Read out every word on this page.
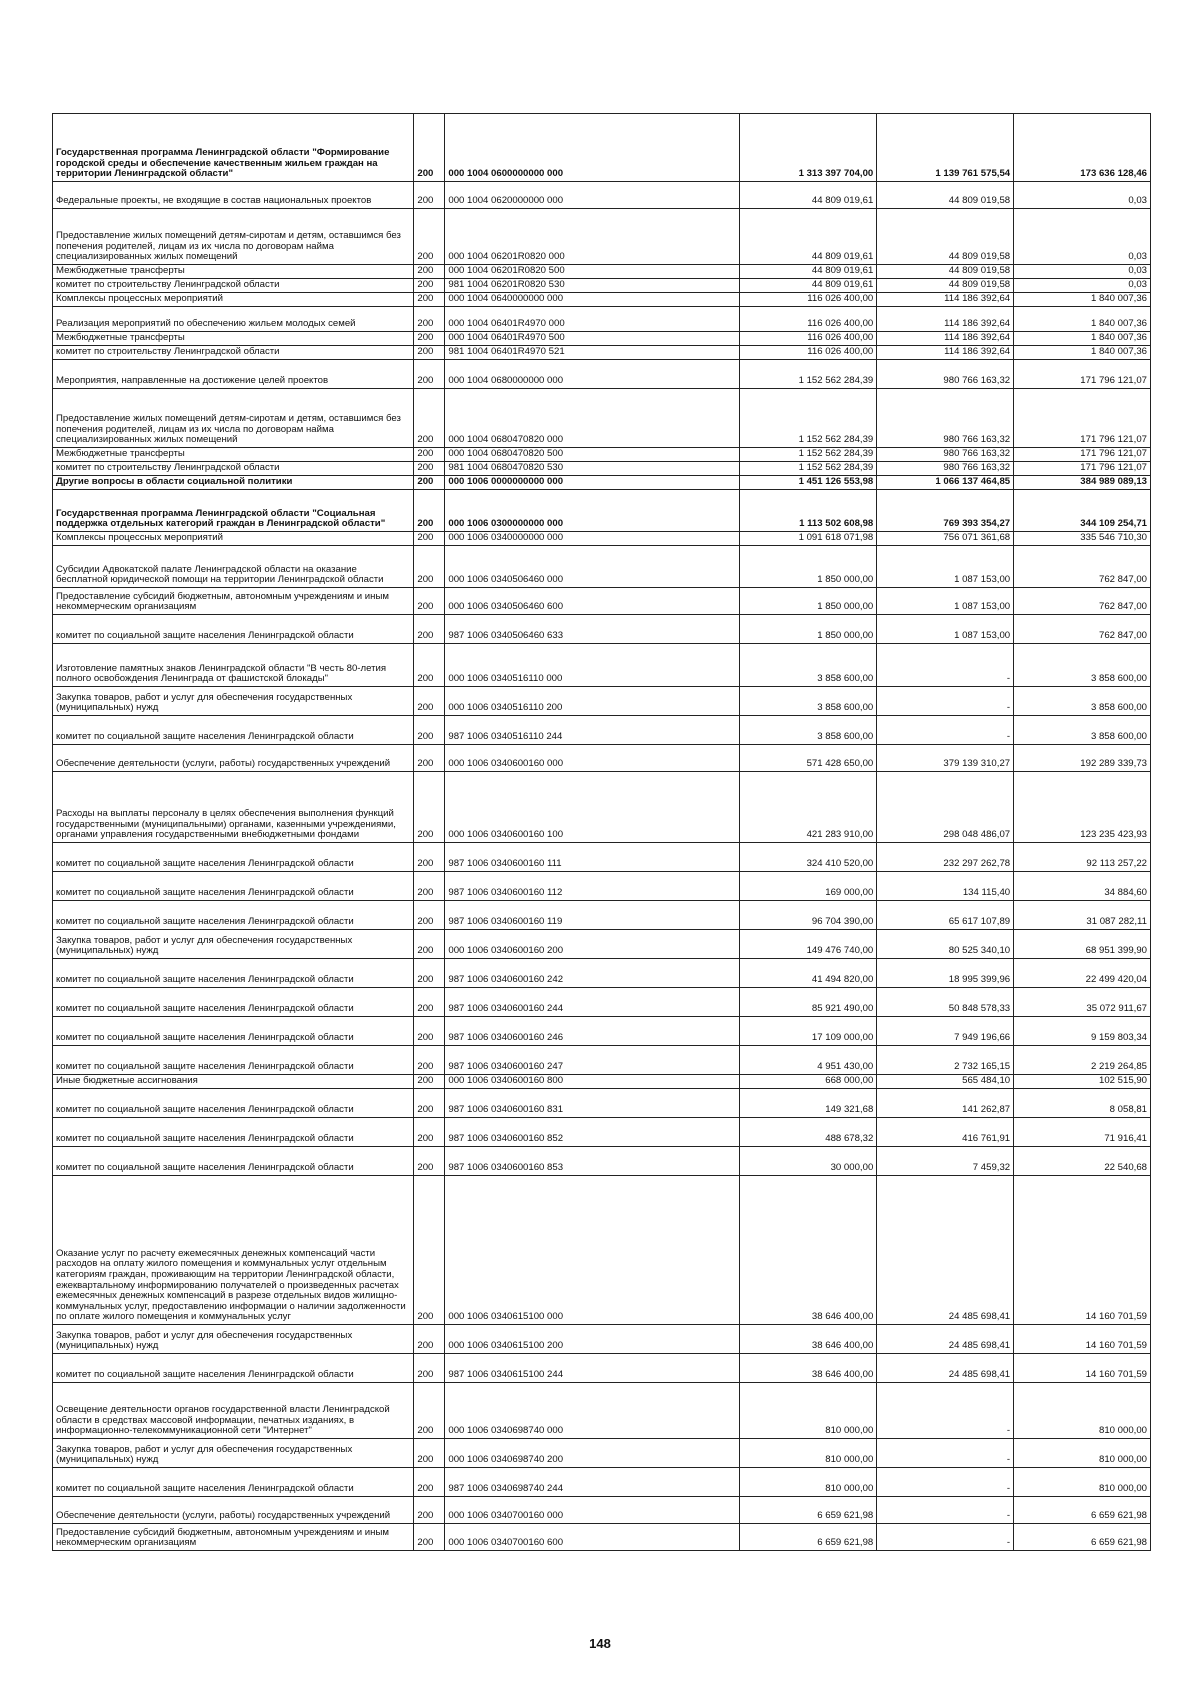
Государственная программа Ленинградской области "Формирование городской среды и обеспечение качественным жильем граждан на территории Ленинградской области"	200	000 1004 0600000000 000	1 313 397 704,00	1 139 761 575,54	173 636 128,46
Федеральные проекты, не входящие в состав национальных проектов	200	000 1004 0620000000 000	44 809 019,61	44 809 019,58	0,03
Предоставление жилых помещений детям-сиротам и детям, оставшимся без попечения родителей, лицам из их числа по договорам найма специализированных жилых помещений	200	000 1004 06201R0820 000	44 809 019,61	44 809 019,58	0,03
Межбюджетные трансферты	200	000 1004 06201R0820 500	44 809 019,61	44 809 019,58	0,03
комитет по строительству Ленинградской области	200	981 1004 06201R0820 530	44 809 019,61	44 809 019,58	0,03
Комплексы процессных мероприятий	200	000 1004 0640000000 000	116 026 400,00	114 186 392,64	1 840 007,36
Реализация мероприятий по обеспечению жильем молодых семей	200	000 1004 06401R4970 000	116 026 400,00	114 186 392,64	1 840 007,36
Межбюджетные трансферты	200	000 1004 06401R4970 500	116 026 400,00	114 186 392,64	1 840 007,36
комитет по строительству Ленинградской области	200	981 1004 06401R4970 521	116 026 400,00	114 186 392,64	1 840 007,36
Мероприятия, направленные на достижение целей проектов	200	000 1004 0680000000 000	1 152 562 284,39	980 766 163,32	171 796 121,07
Предоставление жилых помещений детям-сиротам и детям, оставшимся без попечения родителей, лицам из их числа по договорам найма специализированных жилых помещений	200	000 1004 0680470820 000	1 152 562 284,39	980 766 163,32	171 796 121,07
Межбюджетные трансферты	200	000 1004 0680470820 500	1 152 562 284,39	980 766 163,32	171 796 121,07
комитет по строительству Ленинградской области	200	981 1004 0680470820 530	1 152 562 284,39	980 766 163,32	171 796 121,07
Другие вопросы в области социальной политики	200	000 1006 0000000000 000	1 451 126 553,98	1 066 137 464,85	384 989 089,13
Государственная программа Ленинградской области "Социальная поддержка отдельных категорий граждан в Ленинградской области"	200	000 1006 0300000000 000	1 113 502 608,98	769 393 354,27	344 109 254,71
Комплексы процессных мероприятий	200	000 1006 0340000000 000	1 091 618 071,98	756 071 361,68	335 546 710,30
Субсидии Адвокатской палате Ленинградской области на оказание бесплатной юридической помощи на территории Ленинградской области	200	000 1006 0340506460 000	1 850 000,00	1 087 153,00	762 847,00
Предоставление субсидий бюджетным, автономным учреждениям и иным некоммерческим организациям	200	000 1006 0340506460 600	1 850 000,00	1 087 153,00	762 847,00
комитет по социальной защите населения Ленинградской области	200	987 1006 0340506460 633	1 850 000,00	1 087 153,00	762 847,00
Изготовление памятных знаков Ленинградской области "В честь 80-летия полного освобождения Ленинграда от фашистской блокады"	200	000 1006 0340516110 000	3 858 600,00	-	3 858 600,00
Закупка товаров, работ и услуг для обеспечения государственных (муниципальных) нужд	200	000 1006 0340516110 200	3 858 600,00	-	3 858 600,00
комитет по социальной защите населения Ленинградской области	200	987 1006 0340516110 244	3 858 600,00	-	3 858 600,00
Обеспечение деятельности (услуги, работы) государственных учреждений	200	000 1006 0340600160 000	571 428 650,00	379 139 310,27	192 289 339,73
Расходы на выплаты персоналу в целях обеспечения выполнения функций государственными (муниципальными) органами, казенными учреждениями, органами управления государственными внебюджетными фондами	200	000 1006 0340600160 100	421 283 910,00	298 048 486,07	123 235 423,93
комитет по социальной защите населения Ленинградской области	200	987 1006 0340600160 111	324 410 520,00	232 297 262,78	92 113 257,22
комитет по социальной защите населения Ленинградской области	200	987 1006 0340600160 112	169 000,00	134 115,40	34 884,60
комитет по социальной защите населения Ленинградской области	200	987 1006 0340600160 119	96 704 390,00	65 617 107,89	31 087 282,11
Закупка товаров, работ и услуг для обеспечения государственных (муниципальных) нужд	200	000 1006 0340600160 200	149 476 740,00	80 525 340,10	68 951 399,90
комитет по социальной защите населения Ленинградской области	200	987 1006 0340600160 242	41 494 820,00	18 995 399,96	22 499 420,04
комитет по социальной защите населения Ленинградской области	200	987 1006 0340600160 244	85 921 490,00	50 848 578,33	35 072 911,67
комитет по социальной защите населения Ленинградской области	200	987 1006 0340600160 246	17 109 000,00	7 949 196,66	9 159 803,34
комитет по социальной защите населения Ленинградской области	200	987 1006 0340600160 247	4 951 430,00	2 732 165,15	2 219 264,85
Иные бюджетные ассигнования	200	000 1006 0340600160 800	668 000,00	565 484,10	102 515,90
комитет по социальной защите населения Ленинградской области	200	987 1006 0340600160 831	149 321,68	141 262,87	8 058,81
комитет по социальной защите населения Ленинградской области	200	987 1006 0340600160 852	488 678,32	416 761,91	71 916,41
комитет по социальной защите населения Ленинградской области	200	987 1006 0340600160 853	30 000,00	7 459,32	22 540,68
Оказание услуг по расчету ежемесячных денежных компенсаций части расходов на оплату жилого помещения и коммунальных услуг отдельным категориям граждан, проживающим на территории Ленинградской области, ежеквартальному информированию получателей о произведенных расчетах ежемесячных денежных компенсаций в разрезе отдельных видов жилищно-коммунальных услуг, предоставлению информации о наличии задолженности по оплате жилого помещения и коммунальных услуг	200	000 1006 0340615100 000	38 646 400,00	24 485 698,41	14 160 701,59
Закупка товаров, работ и услуг для обеспечения государственных (муниципальных) нужд	200	000 1006 0340615100 200	38 646 400,00	24 485 698,41	14 160 701,59
комитет по социальной защите населения Ленинградской области	200	987 1006 0340615100 244	38 646 400,00	24 485 698,41	14 160 701,59
Освещение деятельности органов государственной власти Ленинградской области в средствах массовой информации, печатных изданиях, в информационно-телекоммуникационной сети "Интернет"	200	000 1006 0340698740 000	810 000,00	-	810 000,00
Закупка товаров, работ и услуг для обеспечения государственных (муниципальных) нужд	200	000 1006 0340698740 200	810 000,00	-	810 000,00
комитет по социальной защите населения Ленинградской области	200	987 1006 0340698740 244	810 000,00	-	810 000,00
Обеспечение деятельности (услуги, работы) государственных учреждений	200	000 1006 0340700160 000	6 659 621,98	-	6 659 621,98
Предоставление субсидий бюджетным, автономным учреждениям и иным некоммерческим организациям	200	000 1006 0340700160 600	6 659 621,98	-	6 659 621,98
148
